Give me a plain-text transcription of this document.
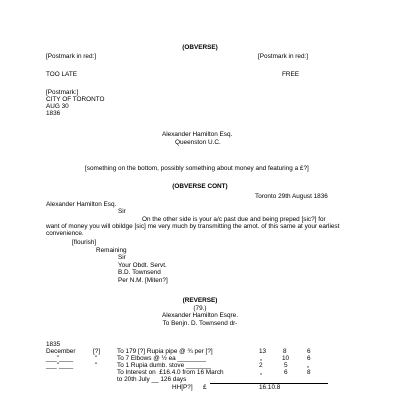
(OBVERSE)
[Postmark in red:]	[Postmark in red:]
TOO LATE	FREE
[Postmark:]
CITY OF TORONTO
AUG 30
1836
Alexander Hamilton Esq.
Queenston U.C.
[something on the bottom, possibly something about money and featuring a £?]
(OBVERSE CONT)
Toronto 29th August 1836
Alexander Hamilton Esq.
Sir
On the other side is your a/c past due and being preped [sic?] for
want of money you will obildge [sic] me very much by transmitting the amot. of this same at your earliest convenience.
[flourish]
Remaining
Sir
Your Obdt. Servt.
B.D. Townsend
Per N.M. [Miten?]
(REVERSE)
(79.)
Alexander Hamilton Esqre.
To Benjn. D. Townsend dr-
1835
December	[?]	To 179 [?] Rupia pipe @ ¾ per [?]	13	8	6
___"____	"	To 7 Elbows @ ½ ea ________	„	10	6
___"____	"	To 1 Rupia dumb. stove _______	2	5	„
To Interest on  £16.4.0 from 16 March	„	6	8
to 20th July __ 126 days
HH[P?] £	16.10.8
